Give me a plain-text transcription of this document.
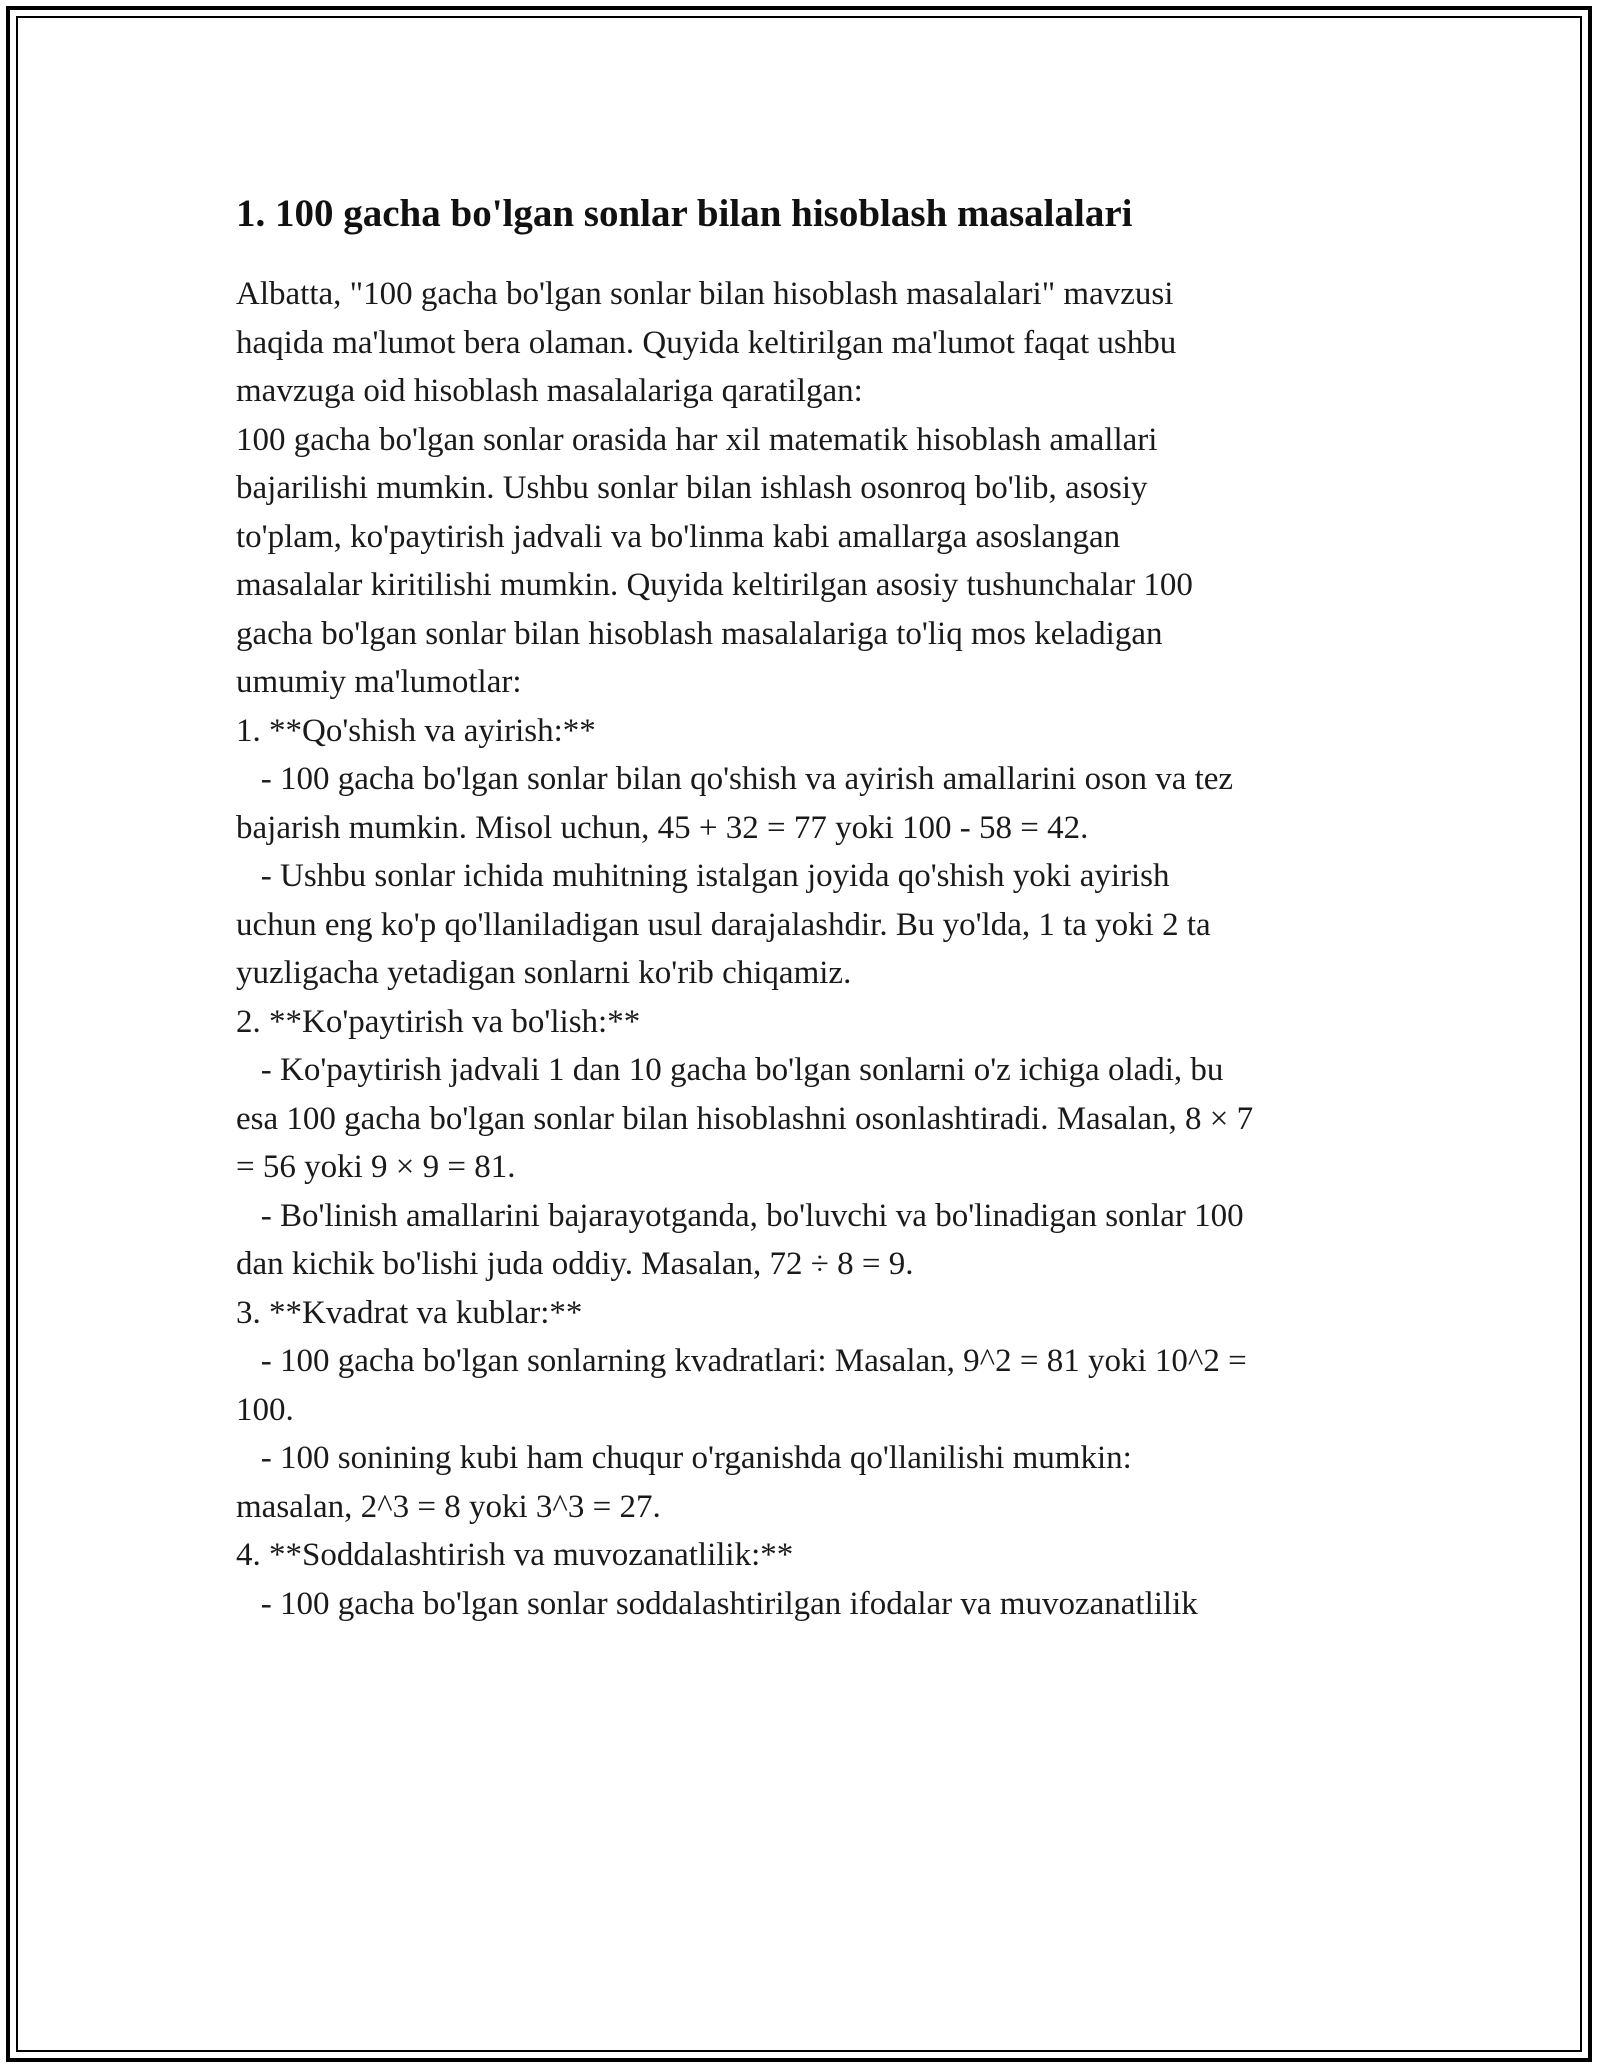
1. 100 gacha bo'lgan sonlar bilan hisoblash masalalari

Albatta, "100 gacha bo'lgan sonlar bilan hisoblash masalalari" mavzusi
haqida ma'lumot bera olaman. Quyida keltirilgan ma'lumot faqat ushbu
mavzuga oid hisoblash masalalariga qaratilgan:

100 gacha bo'lgan sonlar orasida har xil matematik hisoblash amallari
bajarilishi mumkin. Ushbu sonlar bilan ishlash osonroq bo'lib, asosiy
to'plam, ko'paytirish jadvali va bo'linma kabi amallarga asoslangan
masalalar kiritilishi mumkin. Quyida keltirilgan asosiy tushunchalar 100
gacha bo'lgan sonlar bilan hisoblash masalalariga to'liq mos keladigan
umumiy ma'lumotlar:

1. **Qo'shish va ayirish:**
- 100 gacha bo'lgan sonlar bilan qo'shish va ayirish amallarini oson va tez
bajarish mumkin. Misol uchun, 45 + 32 = 77 yoki 100 - 58 = 42.
- Ushbu sonlar ichida muhitning istalgan joyida qo'shish yoki ayirish
uchun eng ko'p qo'llaniladigan usul darajalashdir. Bu yo'lda, 1 ta yoki 2 ta
yuzligacha yetadigan sonlarni ko'rib chiqamiz.

2. **Ko'paytirish va bo'lish:**
- Ko'paytirish jadvali 1 dan 10 gacha bo'lgan sonlarni o'z ichiga oladi, bu
esa 100 gacha bo'lgan sonlar bilan hisoblashni osonlashtiradi. Masalan, 8 × 7
= 56 yoki 9 × 9 = 81.
- Bo'linish amallarini bajarayotganda, bo'luvchi va bo'linadigan sonlar 100
dan kichik bo'lishi juda oddiy. Masalan, 72 ÷ 8 = 9.

3. **Kvadrat va kublar:**
- 100 gacha bo'lgan sonlarning kvadratlari: Masalan, 9^2 = 81 yoki 10^2 =
100.
- 100 sonining kubi ham chuqur o'rganishda qo'llanilishi mumkin:
masalan, 2^3 = 8 yoki 3^3 = 27.

4. **Soddalashtirish va muvozanatlilik:**
- 100 gacha bo'lgan sonlar soddalashtirilgan ifodalar va muvozanatlilik
